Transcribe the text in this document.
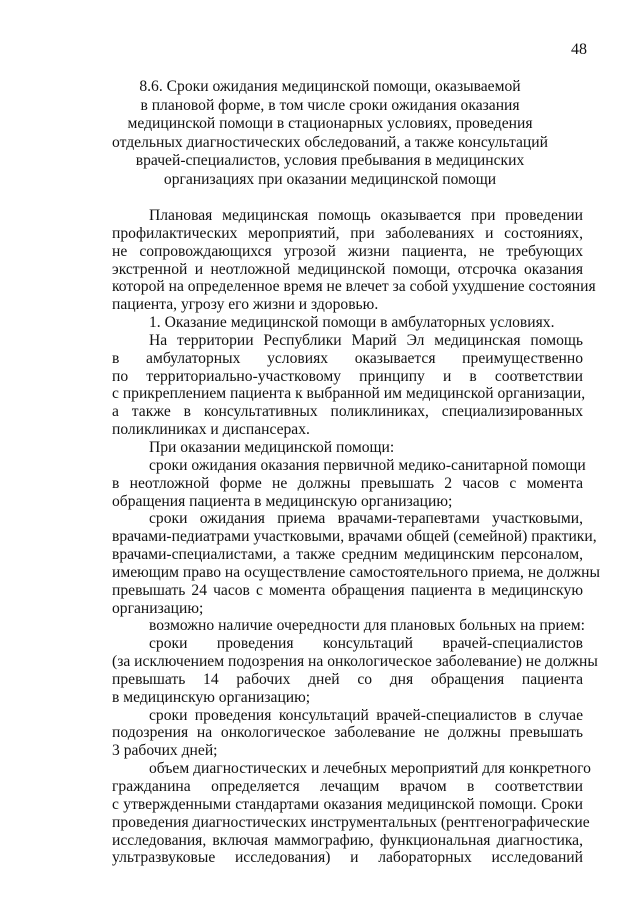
48
8.6. Сроки ожидания медицинской помощи, оказываемой
в плановой форме, в том числе сроки ожидания оказания
медицинской помощи в стационарных условиях, проведения
отдельных диагностических обследований, а также консультаций
врачей-специалистов, условия пребывания в медицинских
организациях при оказании медицинской помощи
Плановая медицинская помощь оказывается при проведении
профилактических мероприятий, при заболеваниях и состояниях,
не сопровождающихся угрозой жизни пациента, не требующих
экстренной и неотложной медицинской помощи, отсрочка оказания
которой на определенное время не влечет за собой ухудшение состояния
пациента, угрозу его жизни и здоровью.
1. Оказание медицинской помощи в амбулаторных условиях.
На территории Республики Марий Эл медицинская помощь
в амбулаторных условиях оказывается преимущественно
по территориально-участковому принципу и в соответствии
с прикреплением пациента к выбранной им медицинской организации,
а также в консультативных поликлиниках, специализированных
поликлиниках и диспансерах.
При оказании медицинской помощи:
сроки ожидания оказания первичной медико-санитарной помощи
в неотложной форме не должны превышать 2 часов с момента
обращения пациента в медицинскую организацию;
сроки ожидания приема врачами-терапевтами участковыми,
врачами-педиатрами участковыми, врачами общей (семейной) практики,
врачами-специалистами, а также средним медицинским персоналом,
имеющим право на осуществление самостоятельного приема, не должны
превышать 24 часов с момента обращения пациента в медицинскую
организацию;
возможно наличие очередности для плановых больных на прием:
сроки проведения консультаций врачей-специалистов
(за исключением подозрения на онкологическое заболевание) не должны
превышать 14 рабочих дней со дня обращения пациента
в медицинскую организацию;
сроки проведения консультаций врачей-специалистов в случае
подозрения на онкологическое заболевание не должны превышать
3 рабочих дней;
объем диагностических и лечебных мероприятий для конкретного
гражданина определяется лечащим врачом в соответствии
с утвержденными стандартами оказания медицинской помощи. Сроки
проведения диагностических инструментальных (рентгенографические
исследования, включая маммографию, функциональная диагностика,
ультразвуковые исследования) и лабораторных исследований
